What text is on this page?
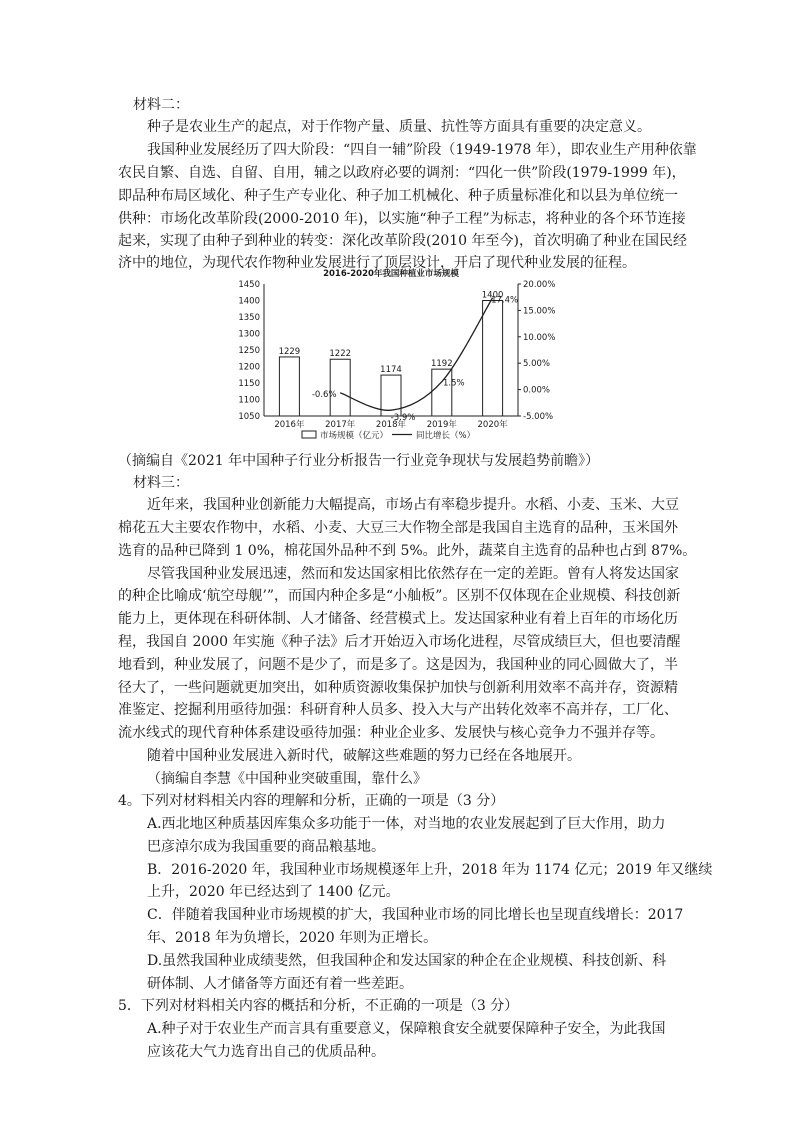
材料二：
种子是农业生产的起点，对于作物产量、质量、抗性等方面具有重要的决定意义。
我国种业发展经历了四大阶段：“四自一辅”阶段（1949-1978 年），即农业生产用种依靠
农民自繁、自选、自留、自用，辅之以政府必要的调剂：“四化一供”阶段(1979-1999 年)，
即品种布局区域化、种子生产专业化、种子加工机械化、种子质量标准化和以县为单位统一
供种：市场化改革阶段(2000-2010 年)，以实施“种子工程”为标志，将种业的各个环节连接
起来，实现了由种子到种业的转变：深化改革阶段(2010 年至今)，首次明确了种业在国民经
济中的地位，为现代农作物种业发展进行了顶层设计，开启了现代种业发展的征程。
2016-2020年我国种植业市场规模
1050
1100
1150
1200
1250
1300
1350
1400
1450
-5.00%
0.00%
5.00%
10.00%
15.00%
20.00%
1229
2016年
1222
2017年
1174
2018年
1192
2019年
1400
2020年
-0.6%
-3.9%
1.5%
17.4%
市场规模（亿元）	同比增长（%）
（摘编自《2021 年中国种子行业分析报告一行业竞争现状与发展趋势前瞻》）
材料三：
近年来，我国种业创新能力大幅提高，市场占有率稳步提升。水稻、小麦、玉米、大豆
棉花五大主要农作物中，水稻、小麦、大豆三大作物全部是我国自主选育的品种，玉米国外
选育的品种已降到 1 0%，棉花国外品种不到 5%。此外，蔬菜自主选育的品种也占到 87%。
尽管我国种业发展迅速，然而和发达国家相比依然存在一定的差距。曾有人将发达国家
的种企比喻成‘航空母舰’”，而国内种企多是“小舢板”。区别不仅体现在企业规模、科技创新
能力上，更体现在科研体制、人才储备、经营模式上。发达国家种业有着上百年的市场化历
程，我国自 2000 年实施《种子法》后才开始迈入市场化进程，尽管成绩巨大，但也要清醒
地看到，种业发展了，问题不是少了，而是多了。这是因为，我国种业的同心圆做大了，半
径大了，一些问题就更加突出，如种质资源收集保护加快与创新利用效率不高并存，资源精
准鉴定、挖掘利用亟待加强：科研育种人员多、投入大与产出转化效率不高并存，工厂化、
流水线式的现代育种体系建设亟待加强：种业企业多、发展快与核心竞争力不强并存等。
随着中国种业发展进入新时代，破解这些难题的努力已经在各地展开。
（摘编自李慧《中国种业突破重围，靠什么》
4。下列对材料相关内容的理解和分析，正确的一项是（3 分）
A.西北地区种质基因库集众多功能于一体，对当地的农业发展起到了巨大作用，助力
巴彦淖尔成为我国重要的商品粮基地。
B．2016-2020 年，我国种业市场规模逐年上升，2018 年为 1174 亿元；2019 年又继续
上升，2020 年已经达到了 1400 亿元。
C．伴随着我国种业市场规模的扩大，我国种业市场的同比增长也呈现直线增长：2017
年、2018 年为负增长，2020 年则为正增长。
D.虽然我国种业成绩斐然，但我国种企和发达国家的种企在企业规模、科技创新、科
研体制、人才储备等方面还有着一些差距。
5．下列对材料相关内容的概括和分析，不正确的一项是（3 分）
A.种子对于农业生产而言具有重要意义，保障粮食安全就要保障种子安全，为此我国
应该花大气力选育出自己的优质品种。
